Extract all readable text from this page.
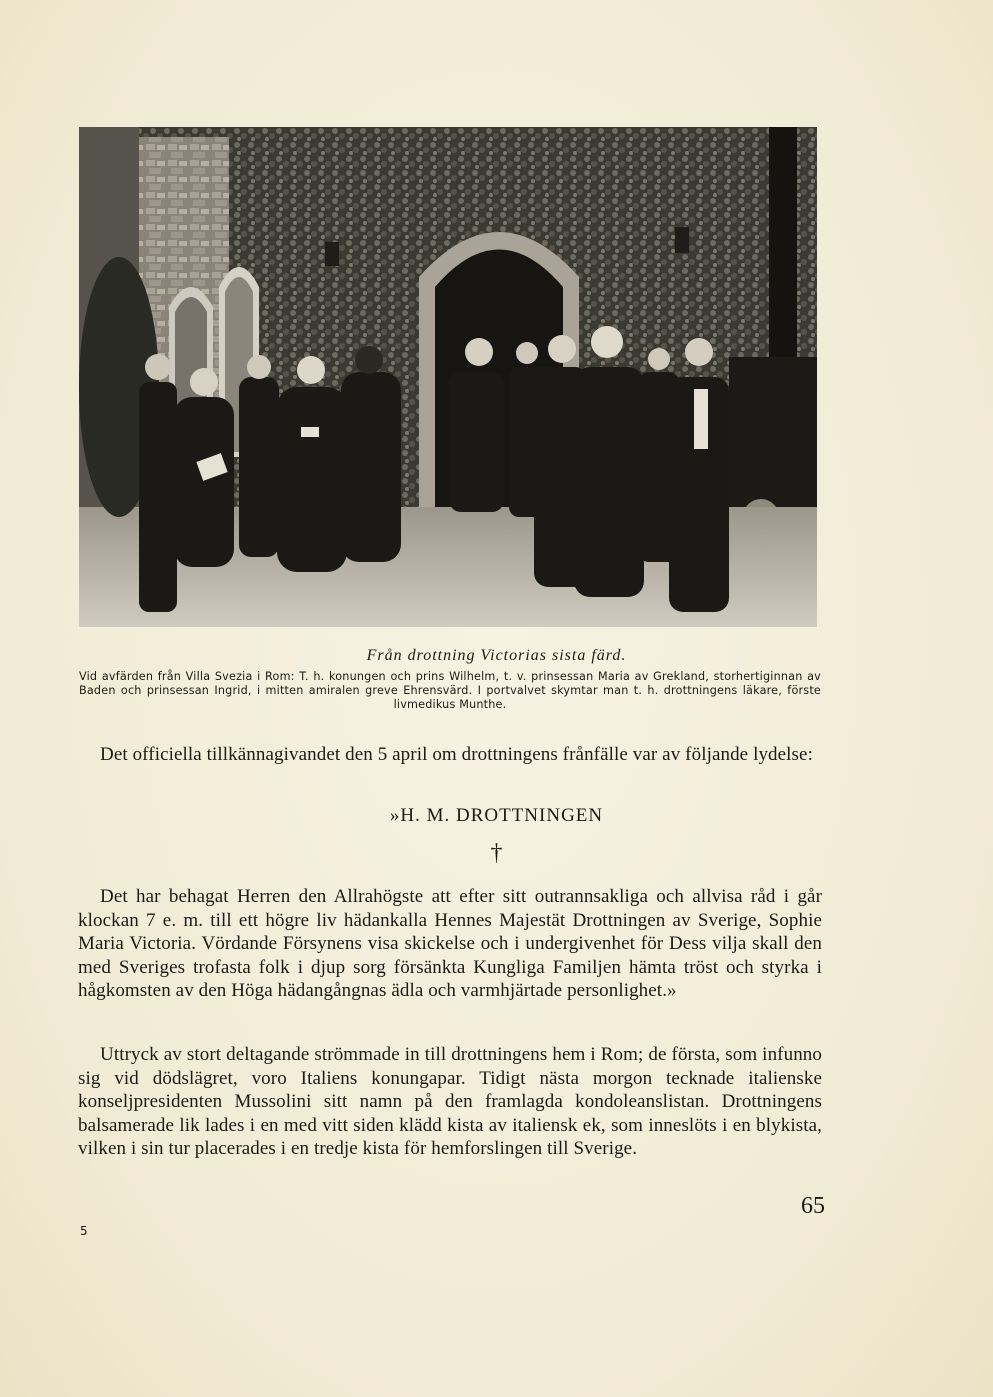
Från drottning Victorias sista färd.
Vid avfärden från Villa Svezia i Rom: T. h. konungen och prins Wilhelm, t. v. prinsessan Maria av Grekland, storhertiginnan av Baden och prinsessan Ingrid, i mitten amiralen greve Ehrensvärd. I portvalvet skymtar man t. h. drottningens läkare, förste livmedikus Munthe.

Det officiella tillkännagivandet den 5 april om drottningens frånfälle var av följande lydelse:

»H. M. DROTTNINGEN
†

Det har behagat Herren den Allrahögste att efter sitt outrannsakliga och allvisa råd i går klockan 7 e. m. till ett högre liv hädankalla Hennes Majestät Drottningen av Sverige, Sophie Maria Victoria. Vördande Försynens visa skickelse och i undergivenhet för Dess vilja skall den med Sveriges trofasta folk i djup sorg försänkta Kungliga Familjen hämta tröst och styrka i hågkomsten av den Höga hädangångnas ädla och varmhjärtade personlighet.»

Uttryck av stort deltagande strömmade in till drottningens hem i Rom; de första, som infunno sig vid dödslägret, voro Italiens konungapar. Tidigt nästa morgon tecknade italienske konseljpresidenten Mussolini sitt namn på den framlagda kondoleanslistan. Drottningens balsamerade lik lades i en med vitt siden klädd kista av italiensk ek, som inneslöts i en blykista, vilken i sin tur placerades i en tredje kista för hemforslingen till Sverige.

65
5
